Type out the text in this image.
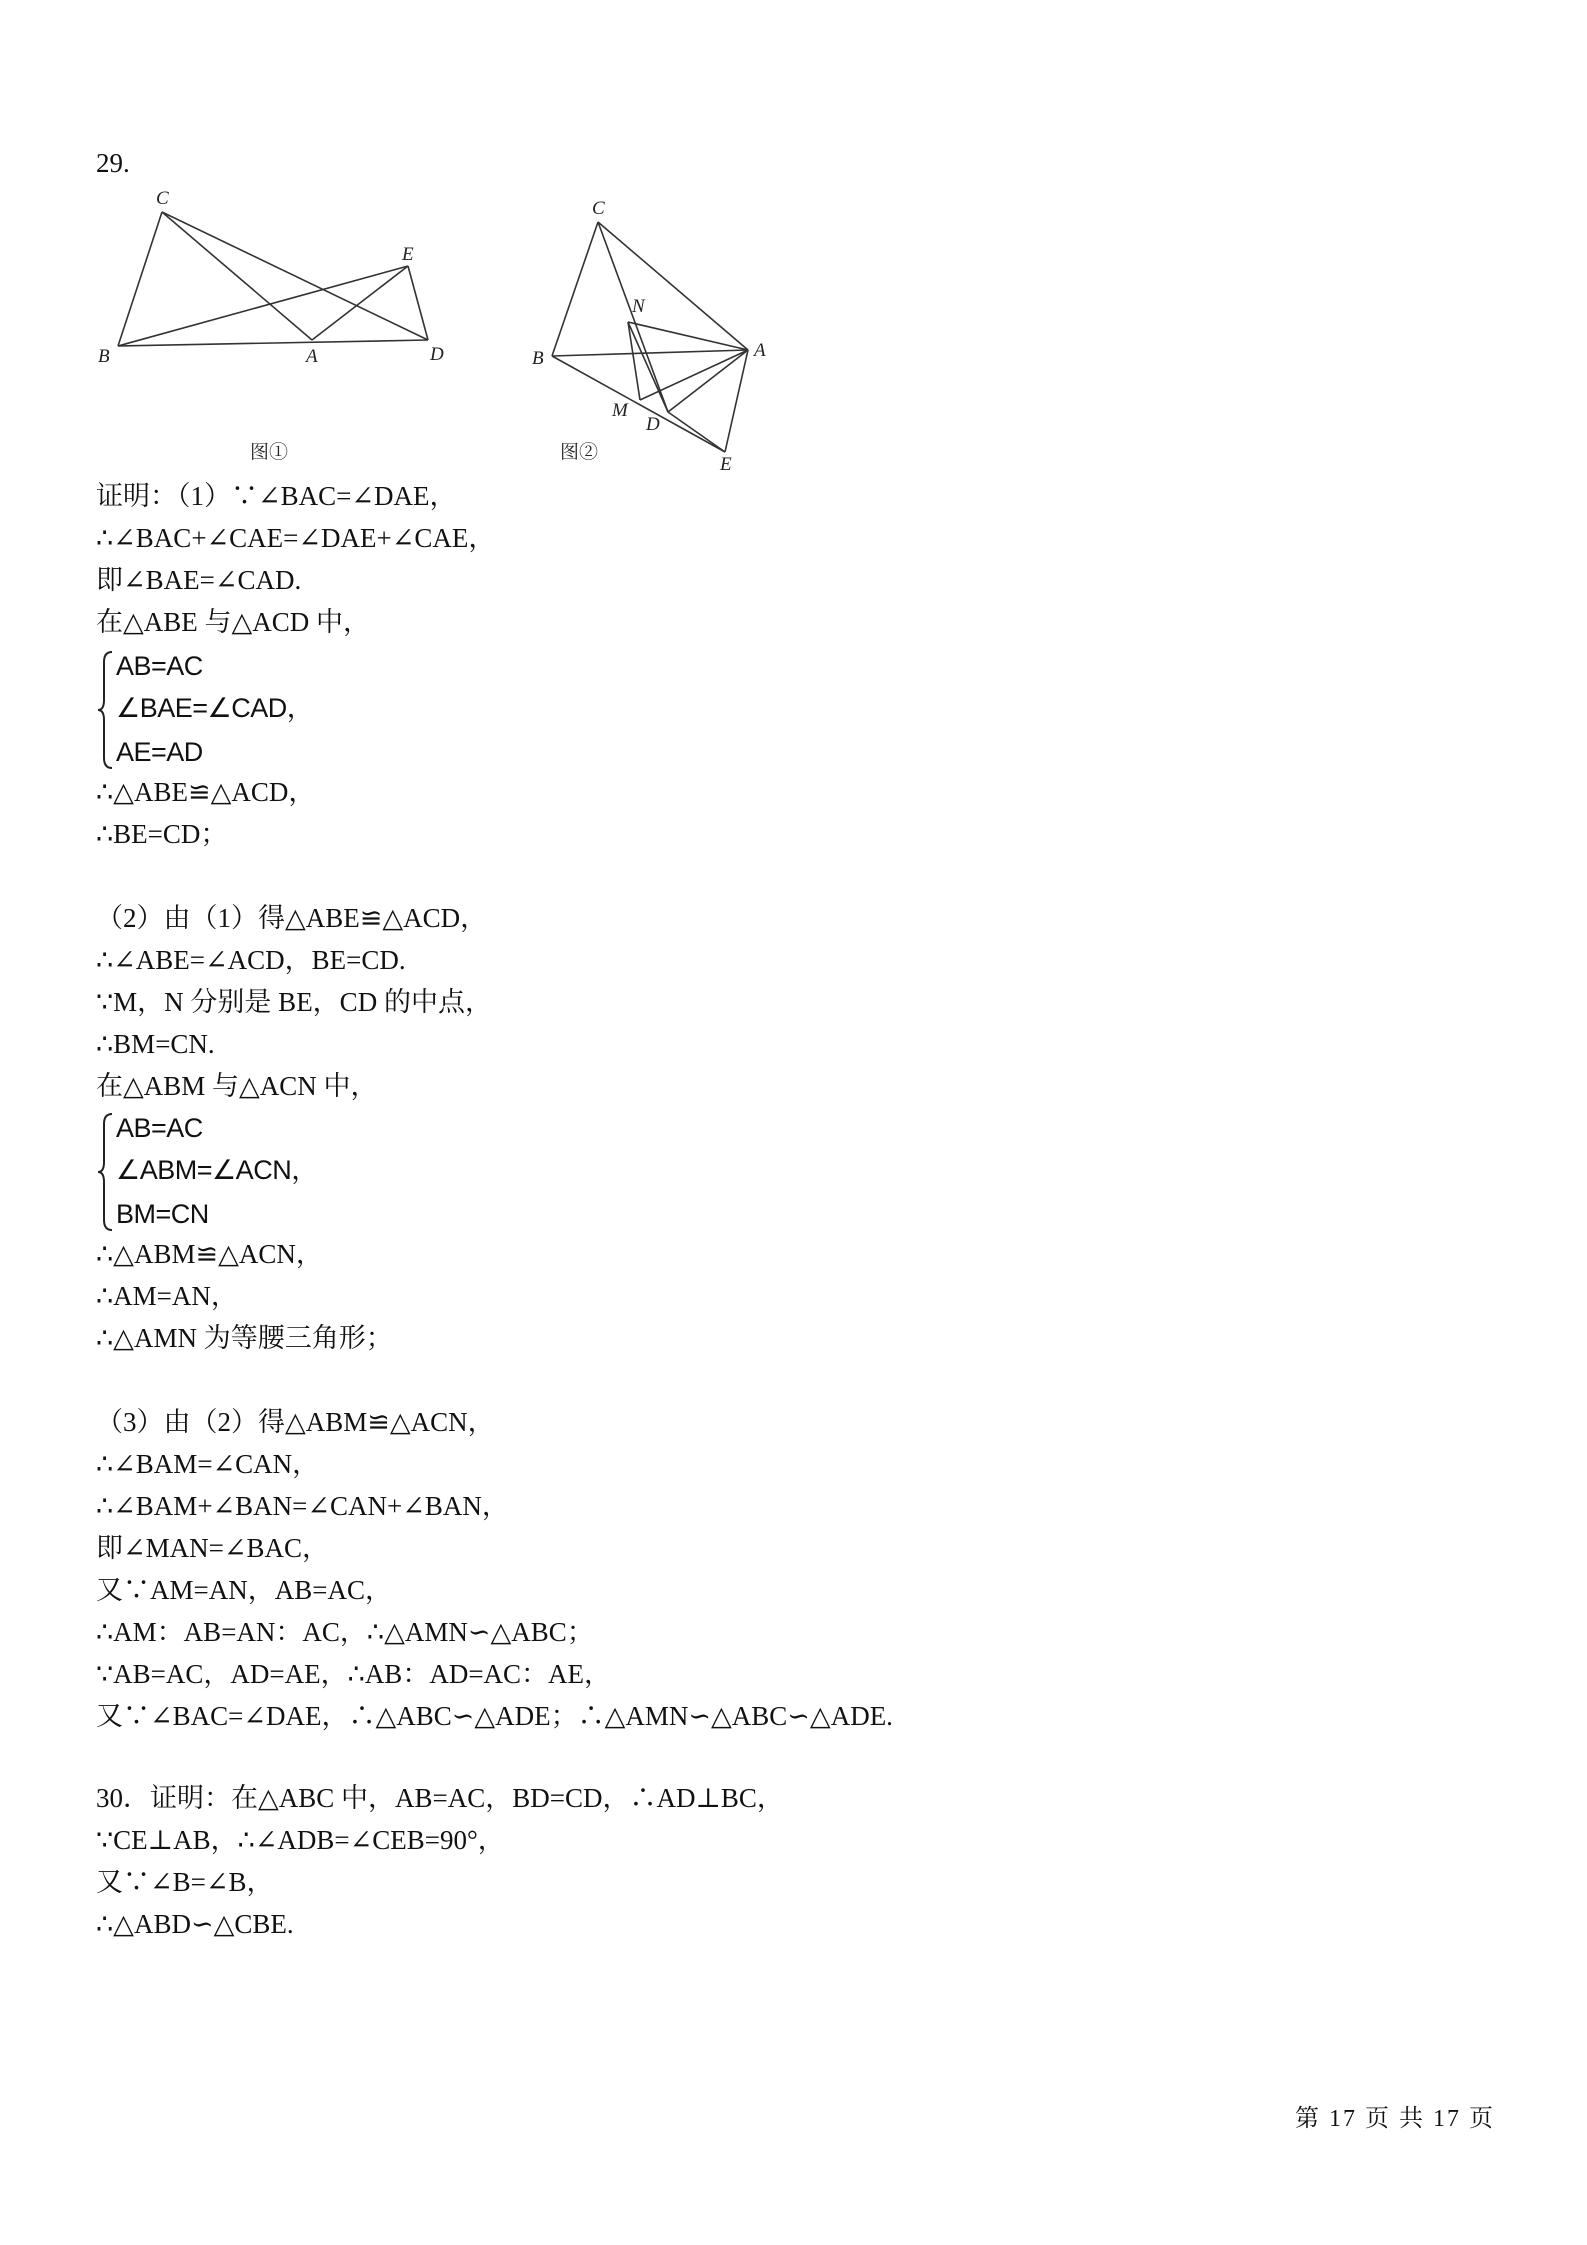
29.
C
E
B	A	D
图①
C
N
B	A
M
D
E
图②
证明：（1）∵∠BAC=∠DAE，
∴∠BAC+∠CAE=∠DAE+∠CAE，
即∠BAE=∠CAD.
在△ABE 与△ACD 中，
AB=AC
∠BAE=∠CAD，
AE=AD
∴△ABE≌△ACD，
∴BE=CD；
（2）由（1）得△ABE≌△ACD，
∴∠ABE=∠ACD，BE=CD.
∵M，N 分别是 BE，CD 的中点，
∴BM=CN.
在△ABM 与△ACN 中，
AB=AC
∠ABM=∠ACN，
BM=CN
∴△ABM≌△ACN，
∴AM=AN，
∴△AMN 为等腰三角形；
（3）由（2）得△ABM≌△ACN，
∴∠BAM=∠CAN，
∴∠BAM+∠BAN=∠CAN+∠BAN，
即∠MAN=∠BAC，
又∵AM=AN，AB=AC，
∴AM：AB=AN：AC，∴△AMN∽△ABC；
∵AB=AC，AD=AE，∴AB：AD=AC：AE，
又∵∠BAC=∠DAE，∴△ABC∽△ADE；∴△AMN∽△ABC∽△ADE.
30．证明：在△ABC 中，AB=AC，BD=CD，∴AD⊥BC，
∵CE⊥AB，∴∠ADB=∠CEB=90°，
又∵∠B=∠B，
∴△ABD∽△CBE.
第 17 页 共 17 页
